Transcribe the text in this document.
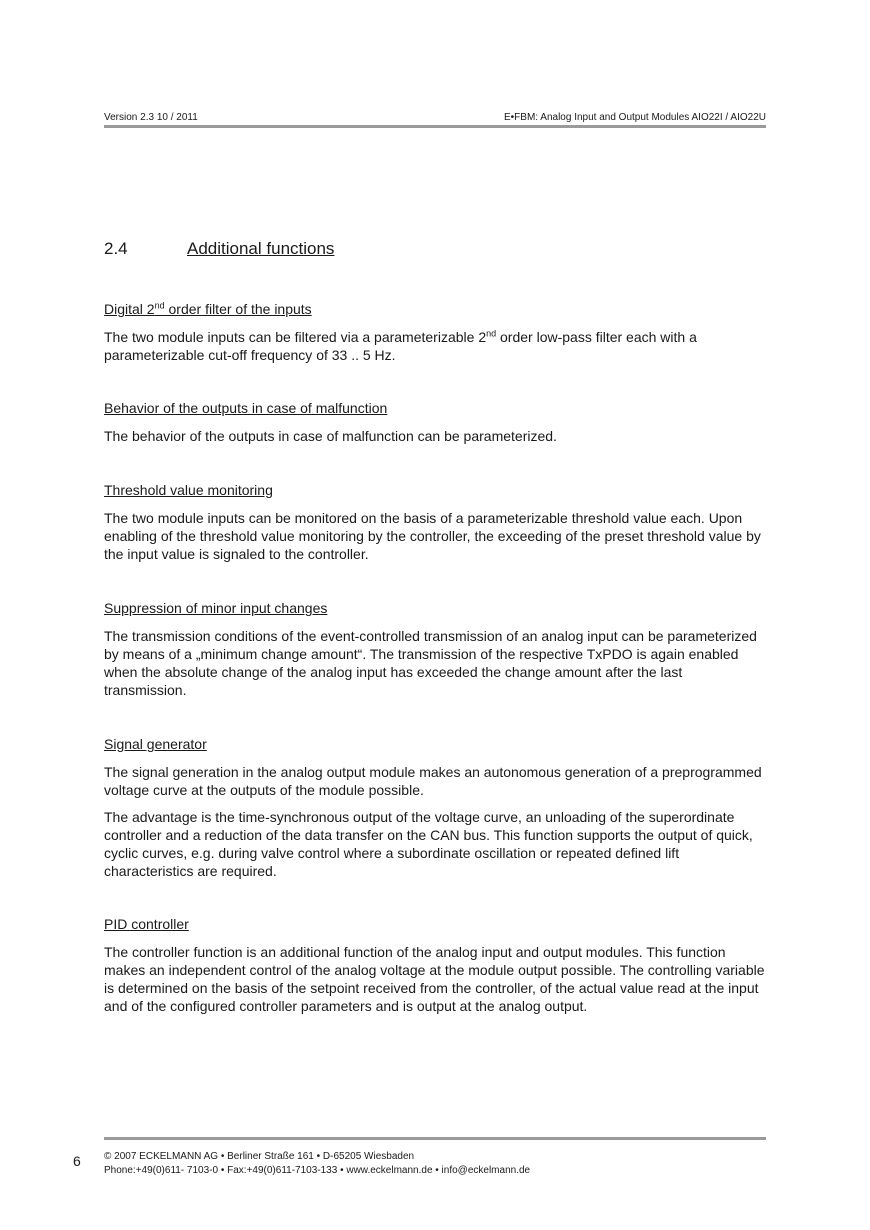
Version 2.3 10 / 2011	E•FBM: Analog Input and Output Modules AIO22I / AIO22U
2.4	Additional functions
Digital 2nd order filter of the inputs

The two module inputs can be filtered via a parameterizable 2nd order low-pass filter each with a parameterizable cut-off frequency of 33 .. 5 Hz.

Behavior of the outputs in case of malfunction

The behavior of the outputs in case of malfunction can be parameterized.

Threshold value monitoring

The two module inputs can be monitored on the basis of a parameterizable threshold value each. Upon enabling of the threshold value monitoring by the controller, the exceeding of the preset threshold value by the input value is signaled to the controller.

Suppression of minor input changes

The transmission conditions of the event-controlled transmission of an analog input can be parameterized by means of a „minimum change amount“. The transmission of the respective TxPDO is again enabled when the absolute change of the analog input has exceeded the change amount after the last transmission.

Signal generator

The signal generation in the analog output module makes an autonomous generation of a preprogrammed voltage curve at the outputs of the module possible.

The advantage is the time-synchronous output of the voltage curve, an unloading of the superordinate controller and a reduction of the data transfer on the CAN bus. This function supports the output of quick, cyclic curves, e.g. during valve control where a subordinate oscillation or repeated defined lift characteristics are required.

PID controller

The controller function is an additional function of the analog input and output modules. This function makes an independent control of the analog voltage at the module output possible. The controlling variable is determined on the basis of the setpoint received from the controller, of the actual value read at the input and of the configured controller parameters and is output at the analog output.

6 © 2007 ECKELMANN AG • Berliner Straße 161 • D-65205 Wiesbaden
Phone:+49(0)611- 7103-0 • Fax:+49(0)611-7103-133 • www.eckelmann.de • info@eckelmann.de
